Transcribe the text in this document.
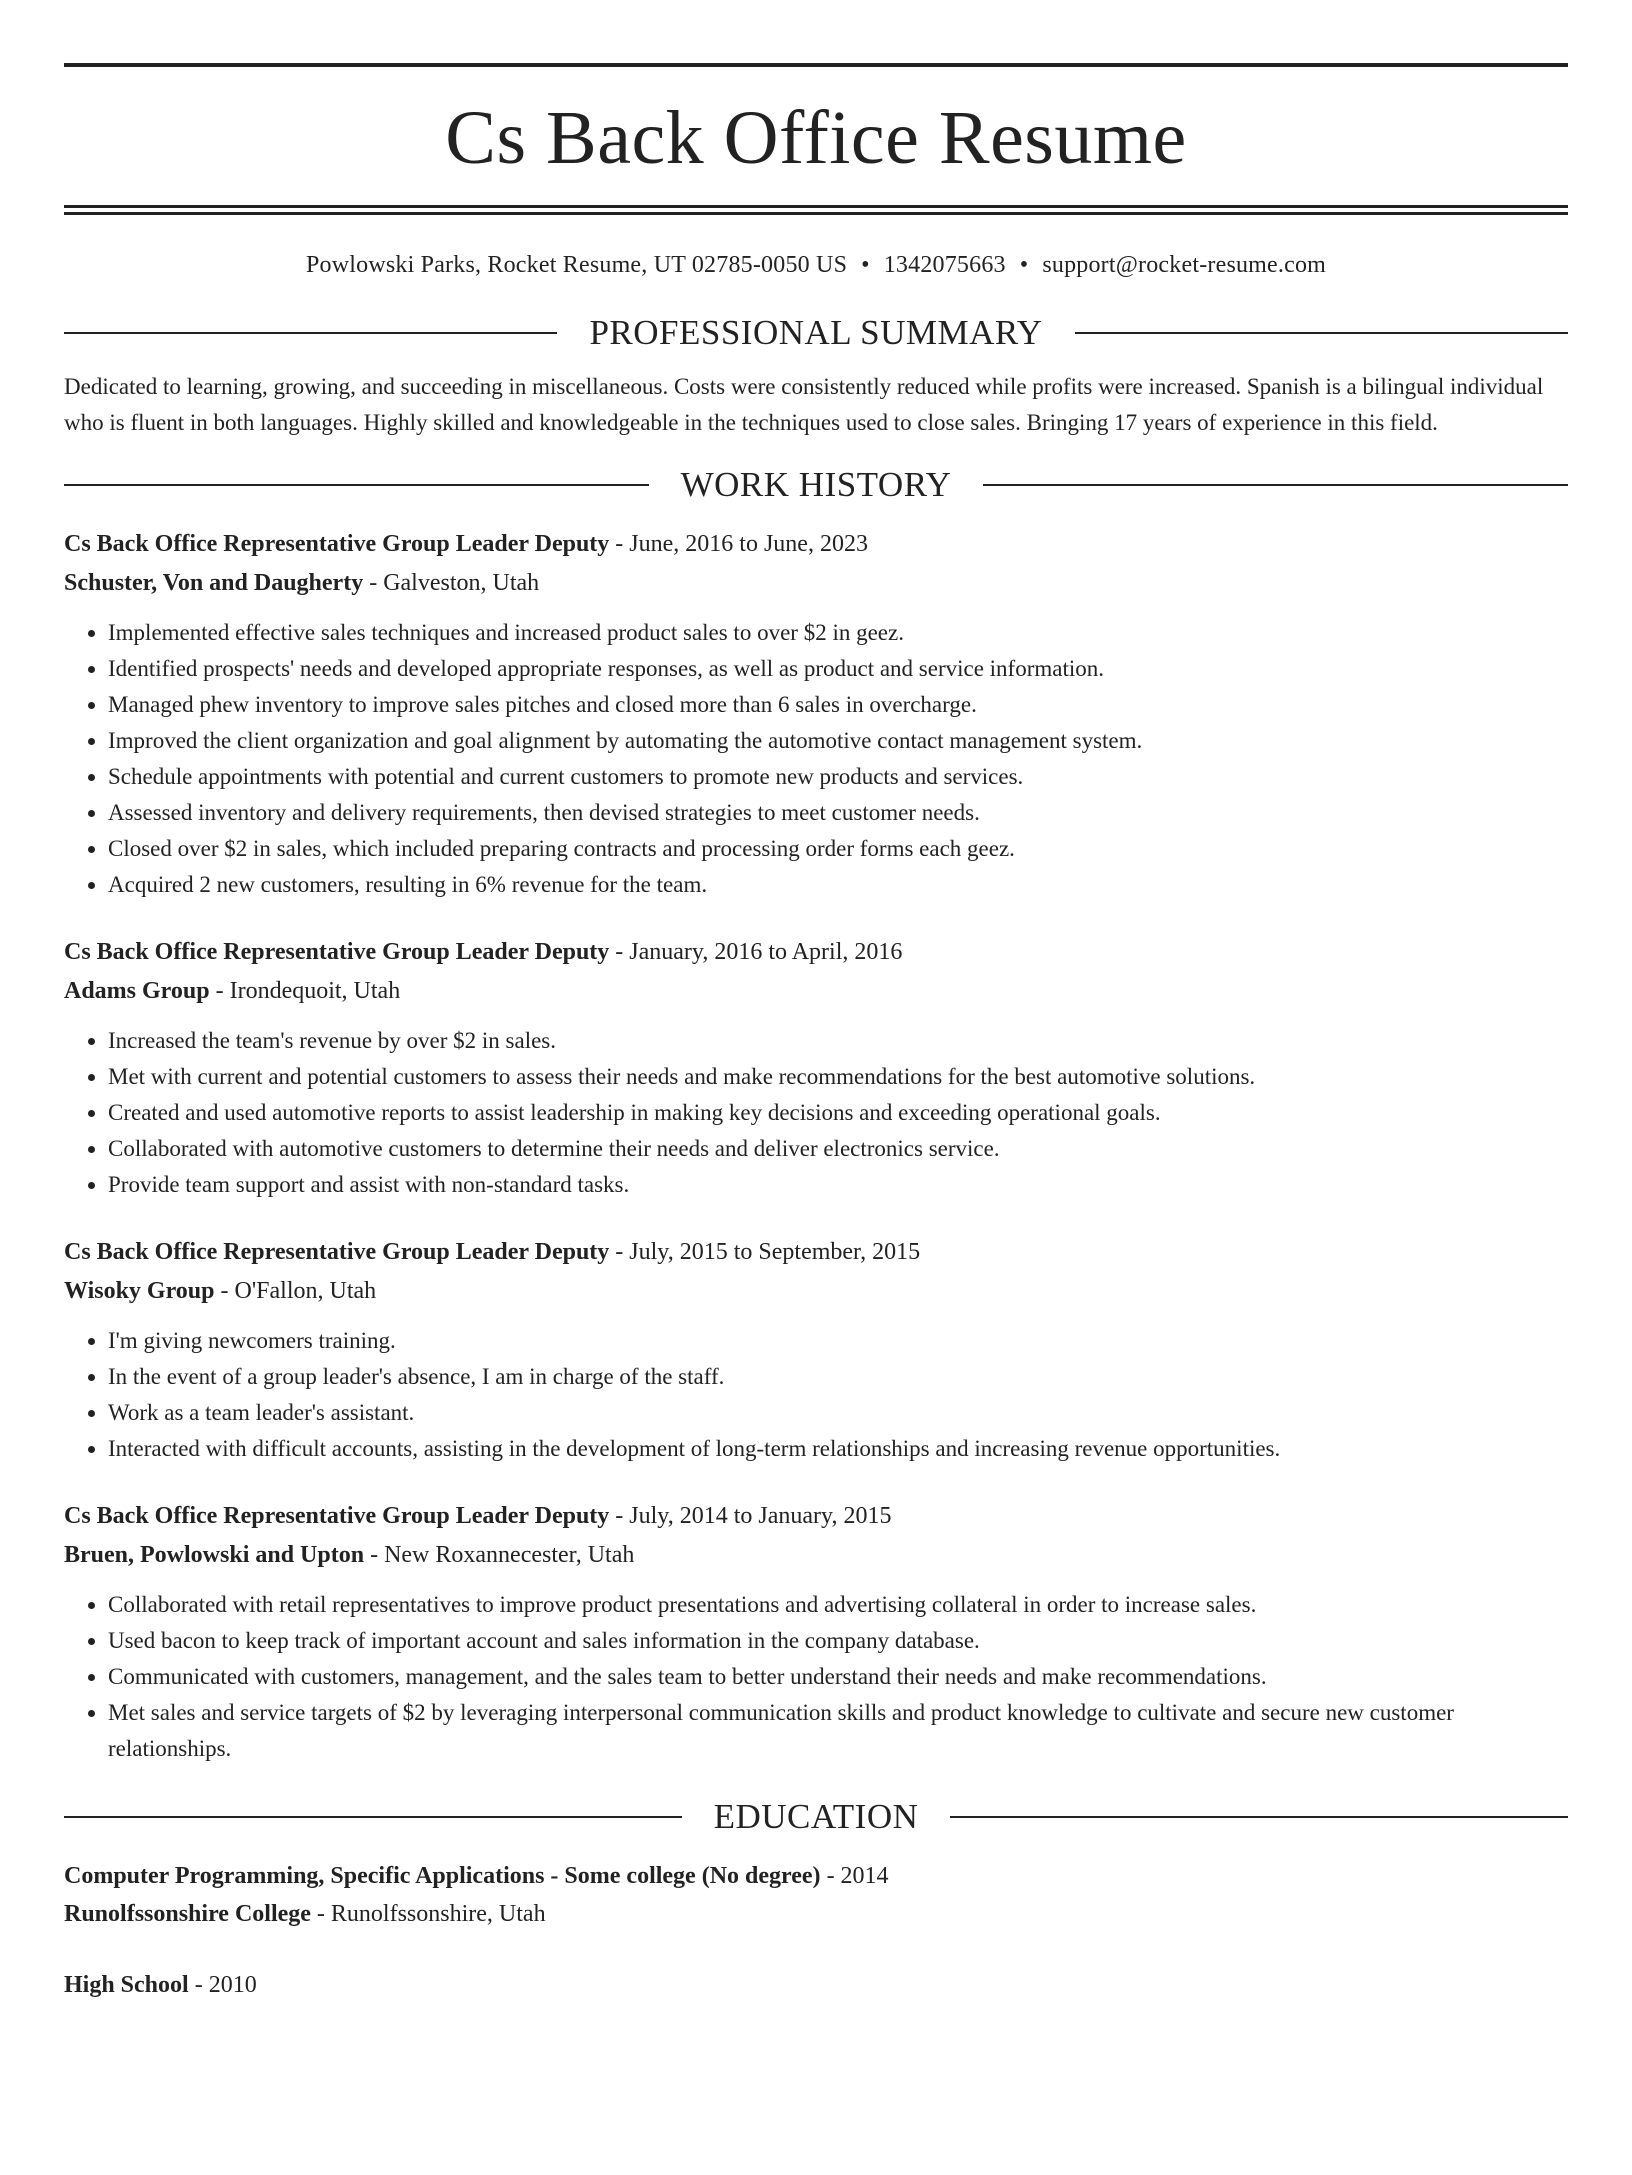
Cs Back Office Resume
Powlowski Parks, Rocket Resume, UT 02785-0050 US • 1342075663 • support@rocket-resume.com
PROFESSIONAL SUMMARY

Dedicated to learning, growing, and succeeding in miscellaneous. Costs were consistently reduced while profits were increased. Spanish is a bilingual individual who is fluent in both languages. Highly skilled and knowledgeable in the techniques used to close sales. Bringing 17 years of experience in this field.

WORK HISTORY
Cs Back Office Representative Group Leader Deputy - June, 2016 to June, 2023
Schuster, Von and Daugherty - Galveston, Utah
• Implemented effective sales techniques and increased product sales to over $2 in geez.
• Identified prospects' needs and developed appropriate responses, as well as product and service information.
• Managed phew inventory to improve sales pitches and closed more than 6 sales in overcharge.
• Improved the client organization and goal alignment by automating the automotive contact management system.
• Schedule appointments with potential and current customers to promote new products and services.
• Assessed inventory and delivery requirements, then devised strategies to meet customer needs.
• Closed over $2 in sales, which included preparing contracts and processing order forms each geez.
• Acquired 2 new customers, resulting in 6% revenue for the team.
Cs Back Office Representative Group Leader Deputy - January, 2016 to April, 2016
Adams Group - Irondequoit, Utah
• Increased the team's revenue by over $2 in sales.
• Met with current and potential customers to assess their needs and make recommendations for the best automotive solutions.
• Created and used automotive reports to assist leadership in making key decisions and exceeding operational goals.
• Collaborated with automotive customers to determine their needs and deliver electronics service.
• Provide team support and assist with non-standard tasks.
Cs Back Office Representative Group Leader Deputy - July, 2015 to September, 2015
Wisoky Group - O'Fallon, Utah
• I'm giving newcomers training.
• In the event of a group leader's absence, I am in charge of the staff.
• Work as a team leader's assistant.
• Interacted with difficult accounts, assisting in the development of long-term relationships and increasing revenue opportunities.
Cs Back Office Representative Group Leader Deputy - July, 2014 to January, 2015
Bruen, Powlowski and Upton - New Roxannecester, Utah
• Collaborated with retail representatives to improve product presentations and advertising collateral in order to increase sales.
• Used bacon to keep track of important account and sales information in the company database.
• Communicated with customers, management, and the sales team to better understand their needs and make recommendations.
• Met sales and service targets of $2 by leveraging interpersonal communication skills and product knowledge to cultivate and secure new customer relationships.
EDUCATION
Computer Programming, Specific Applications - Some college (No degree) - 2014
Runolfssonshire College - Runolfssonshire, Utah
High School - 2010
